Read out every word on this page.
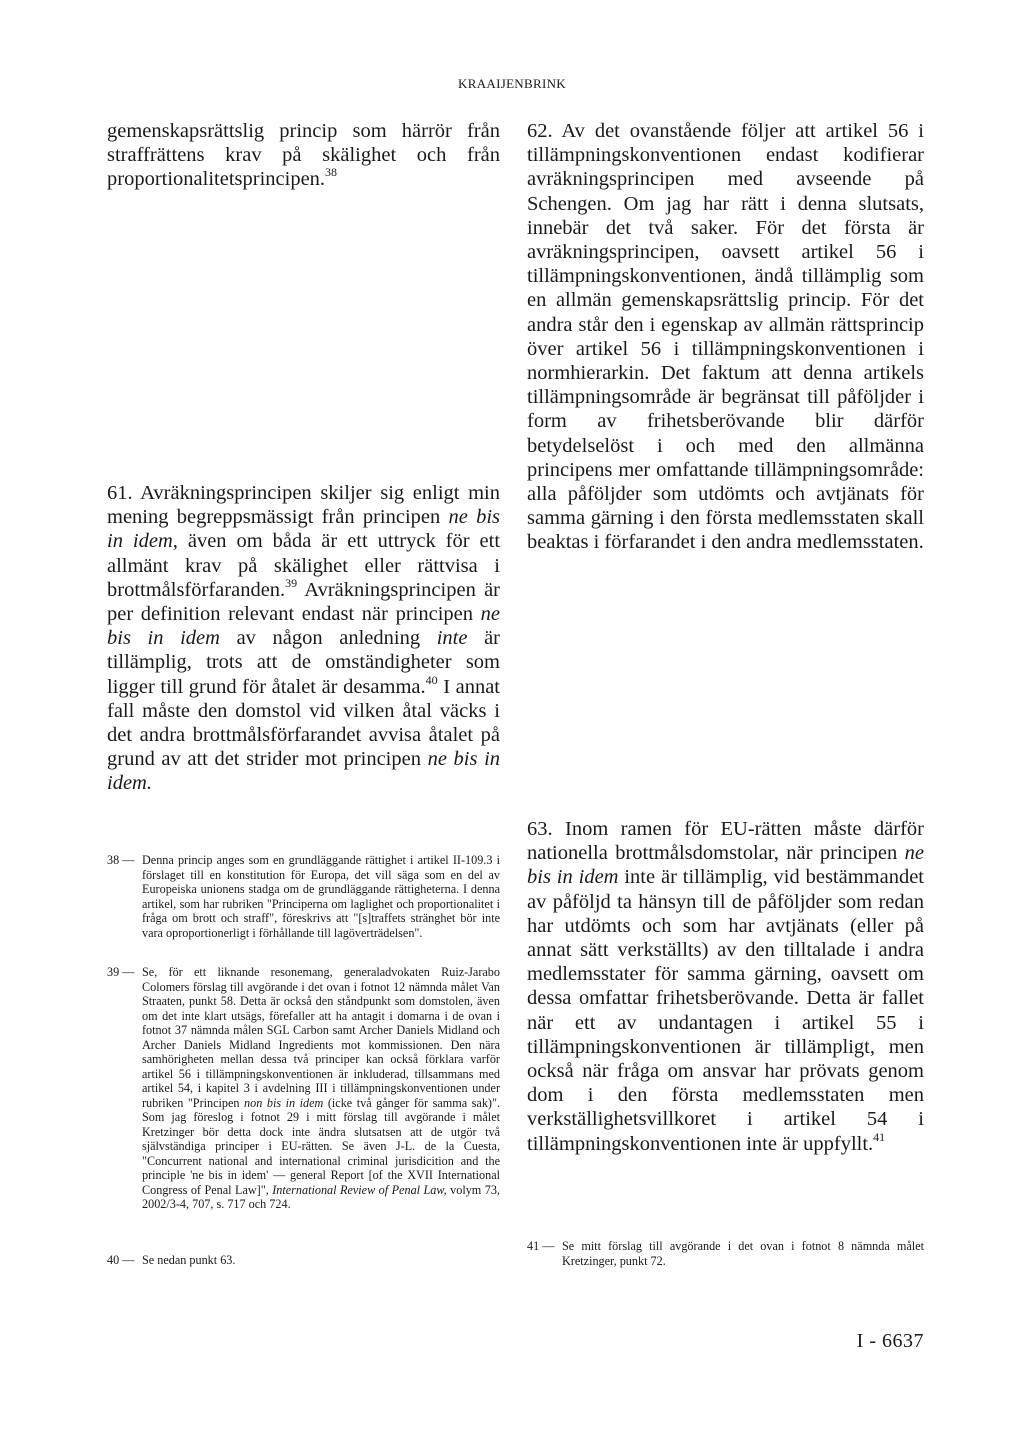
KRAAIJENBRINK

gemenskapsrättslig princip som härrör från straffrättens krav på skälighet och från proportionalitetsprincipen.$^{38}$

61. Avräkningsprincipen skiljer sig enligt min mening begreppsmässigt från principen ne bis in idem, även om båda är ett uttryck för ett allmänt krav på skälighet eller rättvisa i brottmålsförfaranden.$^{39}$ Avräkningsprincipen är per definition relevant endast när principen ne bis in idem av någon anledning inte är tillämplig, trots att de omständigheter som ligger till grund för åtalet är desamma.$^{40}$ I annat fall måste den domstol vid vilken åtal väcks i det andra brottmålsförfarandet avvisa åtalet på grund av att det strider mot principen ne bis in idem.

62. Av det ovanstående följer att artikel 56 i tillämpningskonventionen endast kodifierar avräkningsprincipen med avseende på Schengen. Om jag har rätt i denna slutsats, innebär det två saker. För det första är avräkningsprincipen, oavsett artikel 56 i tillämpningskonventionen, ändå tillämplig som en allmän gemenskapsrättslig princip. För det andra står den i egenskap av allmän rättsprincip över artikel 56 i tillämpningskonventionen i normhierarkin. Det faktum att denna artikels tillämpningsområde är begränsat till påföljder i form av frihetsberövande blir därför betydelselöst i och med den allmänna principens mer omfattande tillämpningsområde: alla påföljder som utdömts och avtjänats för samma gärning i den första medlemsstaten skall beaktas i förfarandet i den andra medlemsstaten.

63. Inom ramen för EU-rätten måste därför nationella brottmålsdomstolar, när principen ne bis in idem inte är tillämplig, vid bestämmandet av påföljd ta hänsyn till de påföljder som redan har utdömts och som har avtjänats (eller på annat sätt verkställts) av den tilltalade i andra medlemsstater för samma gärning, oavsett om dessa omfattar frihetsberövande. Detta är fallet när ett av undantagen i artikel 55 i tillämpningskonventionen är tillämpligt, men också när fråga om ansvar har prövats genom dom i den första medlemsstaten men verkställighetsvillkoret i artikel 54 i tillämpningskonventionen inte är uppfyllt.$^{41}$

38 — Denna princip anges som en grundläggande rättighet i artikel II-109.3 i förslaget till en konstitution för Europa, det vill säga som en del av Europeiska unionens stadga om de grundläggande rättigheterna. I denna artikel, som har rubriken "Principerna om laglighet och proportionalitet i fråga om brott och straff", föreskrivs att "[s]traffets stränghet bör inte vara oproportionerligt i förhållande till lagöverträdelsen".
39 — Se, för ett liknande resonemang, generaladvokaten Ruiz-Jarabo Colomers förslag till avgörande i det ovan i fotnot 12 nämnda målet Van Straaten, punkt 58. Detta är också den ståndpunkt som domstolen, även om det inte klart utsägs, förefaller att ha antagit i domarna i de ovan i fotnot 37 nämnda målen SGL Carbon samt Archer Daniels Midland och Archer Daniels Midland Ingredients mot kommissionen. Den nära samhörigheten mellan dessa två principer kan också förklara varför artikel 56 i tillämpningskonventionen är inkluderad, tillsammans med artikel 54, i kapitel 3 i avdelning III i tillämpningskonventionen under rubriken "Principen non bis in idem (icke två gånger för samma sak)". Som jag föreslog i fotnot 29 i mitt förslag till avgörande i målet Kretzinger bör detta dock inte ändra slutsatsen att de utgör två självständiga principer i EU-rätten. Se även J-L. de la Cuesta, "Concurrent national and international criminal jurisdicition and the principle 'ne bis in idem' — general Report [of the XVII International Congress of Penal Law]", International Review of Penal Law, volym 73, 2002/3-4, 707, s. 717 och 724.
40 — Se nedan punkt 63.
41 — Se mitt förslag till avgörande i det ovan i fotnot 8 nämnda målet Kretzinger, punkt 72.
I - 6637
